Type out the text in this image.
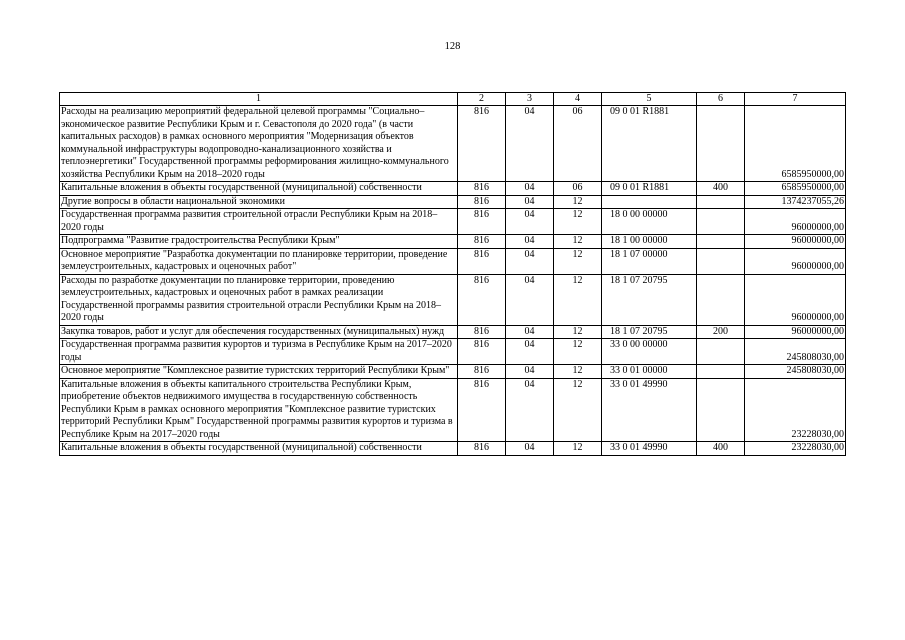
128
1	2	3	4	5	6	7
Расходы на реализацию мероприятий федеральной целевой программы "Социально–экономическое развитие Республики Крым и г. Севастополя до 2020 года" (в части капитальных расходов) в рамках основного мероприятия "Модернизация объектов коммунальной инфраструктуры водопроводно-канализационного хозяйства и теплоэнергетики" Государственной программы реформирования жилищно-коммунального хозяйства Республики Крым на 2018–2020 годы	816	04	06	09 0 01 R1881		6585950000,00
Капитальные вложения в объекты государственной (муниципальной) собственности	816	04	06	09 0 01 R1881	400	6585950000,00
Другие вопросы в области национальной экономики	816	04	12			1374237055,26
Государственная программа развития строительной отрасли Республики Крым на 2018–2020 годы	816	04	12	18 0 00 00000		96000000,00
Подпрограмма "Развитие градостроительства Республики Крым"	816	04	12	18 1 00 00000		96000000,00
Основное мероприятие "Разработка документации по планировке территории, проведение землеустроительных, кадастровых и оценочных работ"	816	04	12	18 1 07 00000		96000000,00
Расходы по разработке документации по планировке территории, проведению землеустроительных, кадастровых и оценочных работ в рамках реализации Государственной программы развития строительной отрасли Республики Крым на 2018–2020 годы	816	04	12	18 1 07 20795		96000000,00
Закупка товаров, работ и услуг для обеспечения государственных (муниципальных) нужд	816	04	12	18 1 07 20795	200	96000000,00
Государственная программа развития курортов и туризма в Республике Крым на 2017–2020 годы	816	04	12	33 0 00 00000		245808030,00
Основное мероприятие "Комплексное развитие туристских территорий Республики Крым"	816	04	12	33 0 01 00000		245808030,00
Капитальные вложения в объекты капитального строительства Республики Крым, приобретение объектов недвижимого имущества в государственную собственность Республики Крым в рамках основного мероприятия "Комплексное развитие туристских территорий Республики Крым" Государственной программы развития курортов и туризма в Республике Крым на 2017–2020 годы	816	04	12	33 0 01 49990		23228030,00
Капитальные вложения в объекты государственной (муниципальной) собственности	816	04	12	33 0 01 49990	400	23228030,00
